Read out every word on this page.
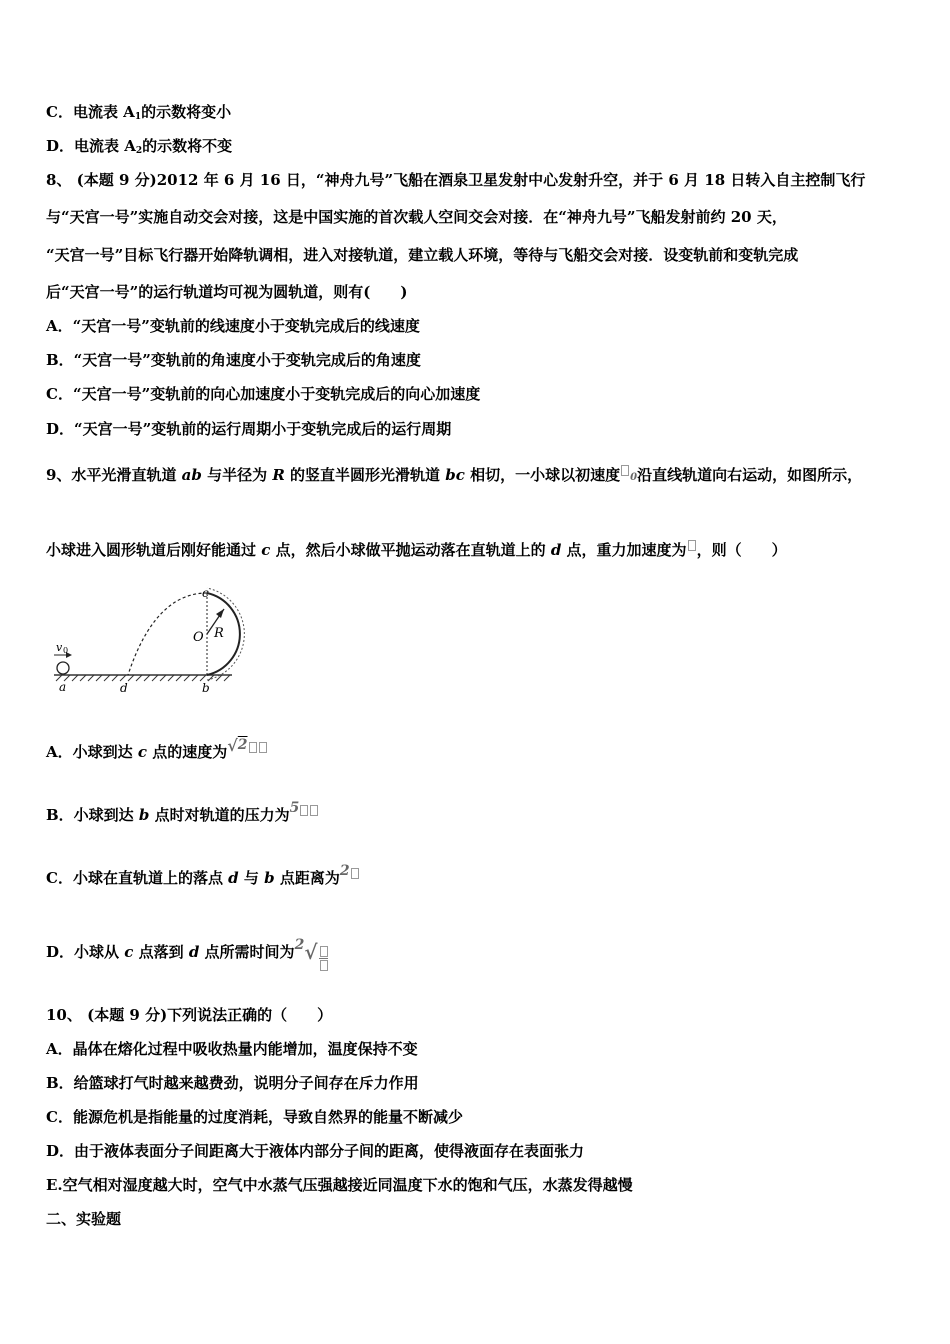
C．电流表 $A_1$的示数将变小
D．电流表 $A_2$的示数将不变
8、 (本题 9 分)2012 年 6 月 16 日，“神舟九号”飞船在酒泉卫星发射中心发射升空，并于 6 月 18 日转入自主控制飞行
与“天宫一号”实施自动交会对接，这是中国实施的首次载人空间交会对接．在“神舟九号”飞船发射前约 20 天，
“天宫一号”目标飞行器开始降轨调相，进入对接轨道，建立载人环境，等待与飞船交会对接．设变轨前和变轨完成
后“天宫一号”的运行轨道均可视为圆轨道，则有(　　)
A．“天宫一号”变轨前的线速度小于变轨完成后的线速度
B．“天宫一号”变轨前的角速度小于变轨完成后的角速度
C．“天宫一号”变轨前的向心加速度小于变轨完成后的向心加速度
D．“天宫一号”变轨前的运行周期小于变轨完成后的运行周期
9、水平光滑直轨道 ab 与半径为 R 的竖直半圆形光滑轨道 bc 相切，一小球以初速度 0沿直线轨道向右运动，如图所示，
小球进入圆形轨道后刚好能通过 c 点，然后小球做平抛运动落在直轨道上的 d 点，重力加速度为 ，则（　　）
c
O R
v 0
a	d	b
A．小球到达 c 点的速度为√2
B．小球到达 b 点时对轨道的压力为5
C．小球在直轨道上的落点 d 与 b 点距离为2
D．小球从 c 点落到 d 点所需时间为2√
10、 (本题 9 分)下列说法正确的（　　）
A．晶体在熔化过程中吸收热量内能增加，温度保持不变
B．给篮球打气时越来越费劲，说明分子间存在斥力作用
C．能源危机是指能量的过度消耗，导致自然界的能量不断减少
D．由于液体表面分子间距离大于液体内部分子间的距离，使得液面存在表面张力
E.空气相对湿度越大时，空气中水蒸气压强越接近同温度下水的饱和气压，水蒸发得越慢
二、实验题
